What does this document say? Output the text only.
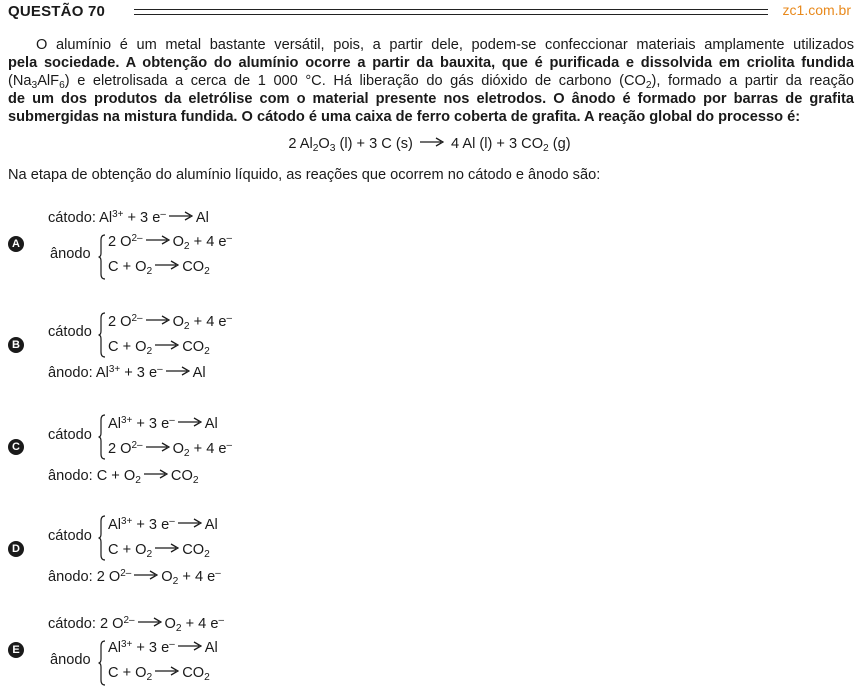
QUESTÃO 70	zc1.com.br
O alumínio é um metal bastante versátil, pois, a partir dele, podem-se confeccionar materiais amplamente utilizados
pela sociedade. A obtenção do alumínio ocorre a partir da bauxita, que é purificada e dissolvida em criolita fundida
$(Na_3AlF_6)$ e eletrolisada a cerca de 1 000 °C. Há liberação do gás dióxido de carbono $(CO_2)$, formado a partir da reação
de um dos produtos da eletrólise com o material presente nos eletrodos. O ânodo é formado por barras de grafita
submergidas na mistura fundida. O cátodo é uma caixa de ferro coberta de grafita. A reação global do processo é:
2 $Al_2O_3$ (l) + 3 C (s) → 4 Al (l) + 3 $CO_2$ (g)
Na etapa de obtenção do alumínio líquido, as reações que ocorrem no cátodo e ânodo são:
A
cátodo: $Al^{3+} + 3$ e– → Al
ânodo
2 $O^{2-} \to O_2 + 4$ e–
$C + O_2 \to CO_2$
B
cátodo
2 $O^{2-} \to O_2 + 4$ e–
$C + O_2 \to CO_2$
ânodo: $Al^{3+} + 3$ e– → Al
C
cátodo
$Al^{3+} + 3$ e– → Al
2 $O^{2-} \to O_2 + 4$ e–
ânodo: $C + O_2 \to CO_2$
D
cátodo
$Al^{3+} + 3$ e– → Al
$C + O_2 \to CO_2$
ânodo: 2 $O^{2-} \to O_2 + 4$ e–
E
cátodo: 2 $O^{2-} \to O_2 + 4$ e–
ânodo
$Al^{3+} + 3$ e– → Al
$C + O_2 \to CO_2$
